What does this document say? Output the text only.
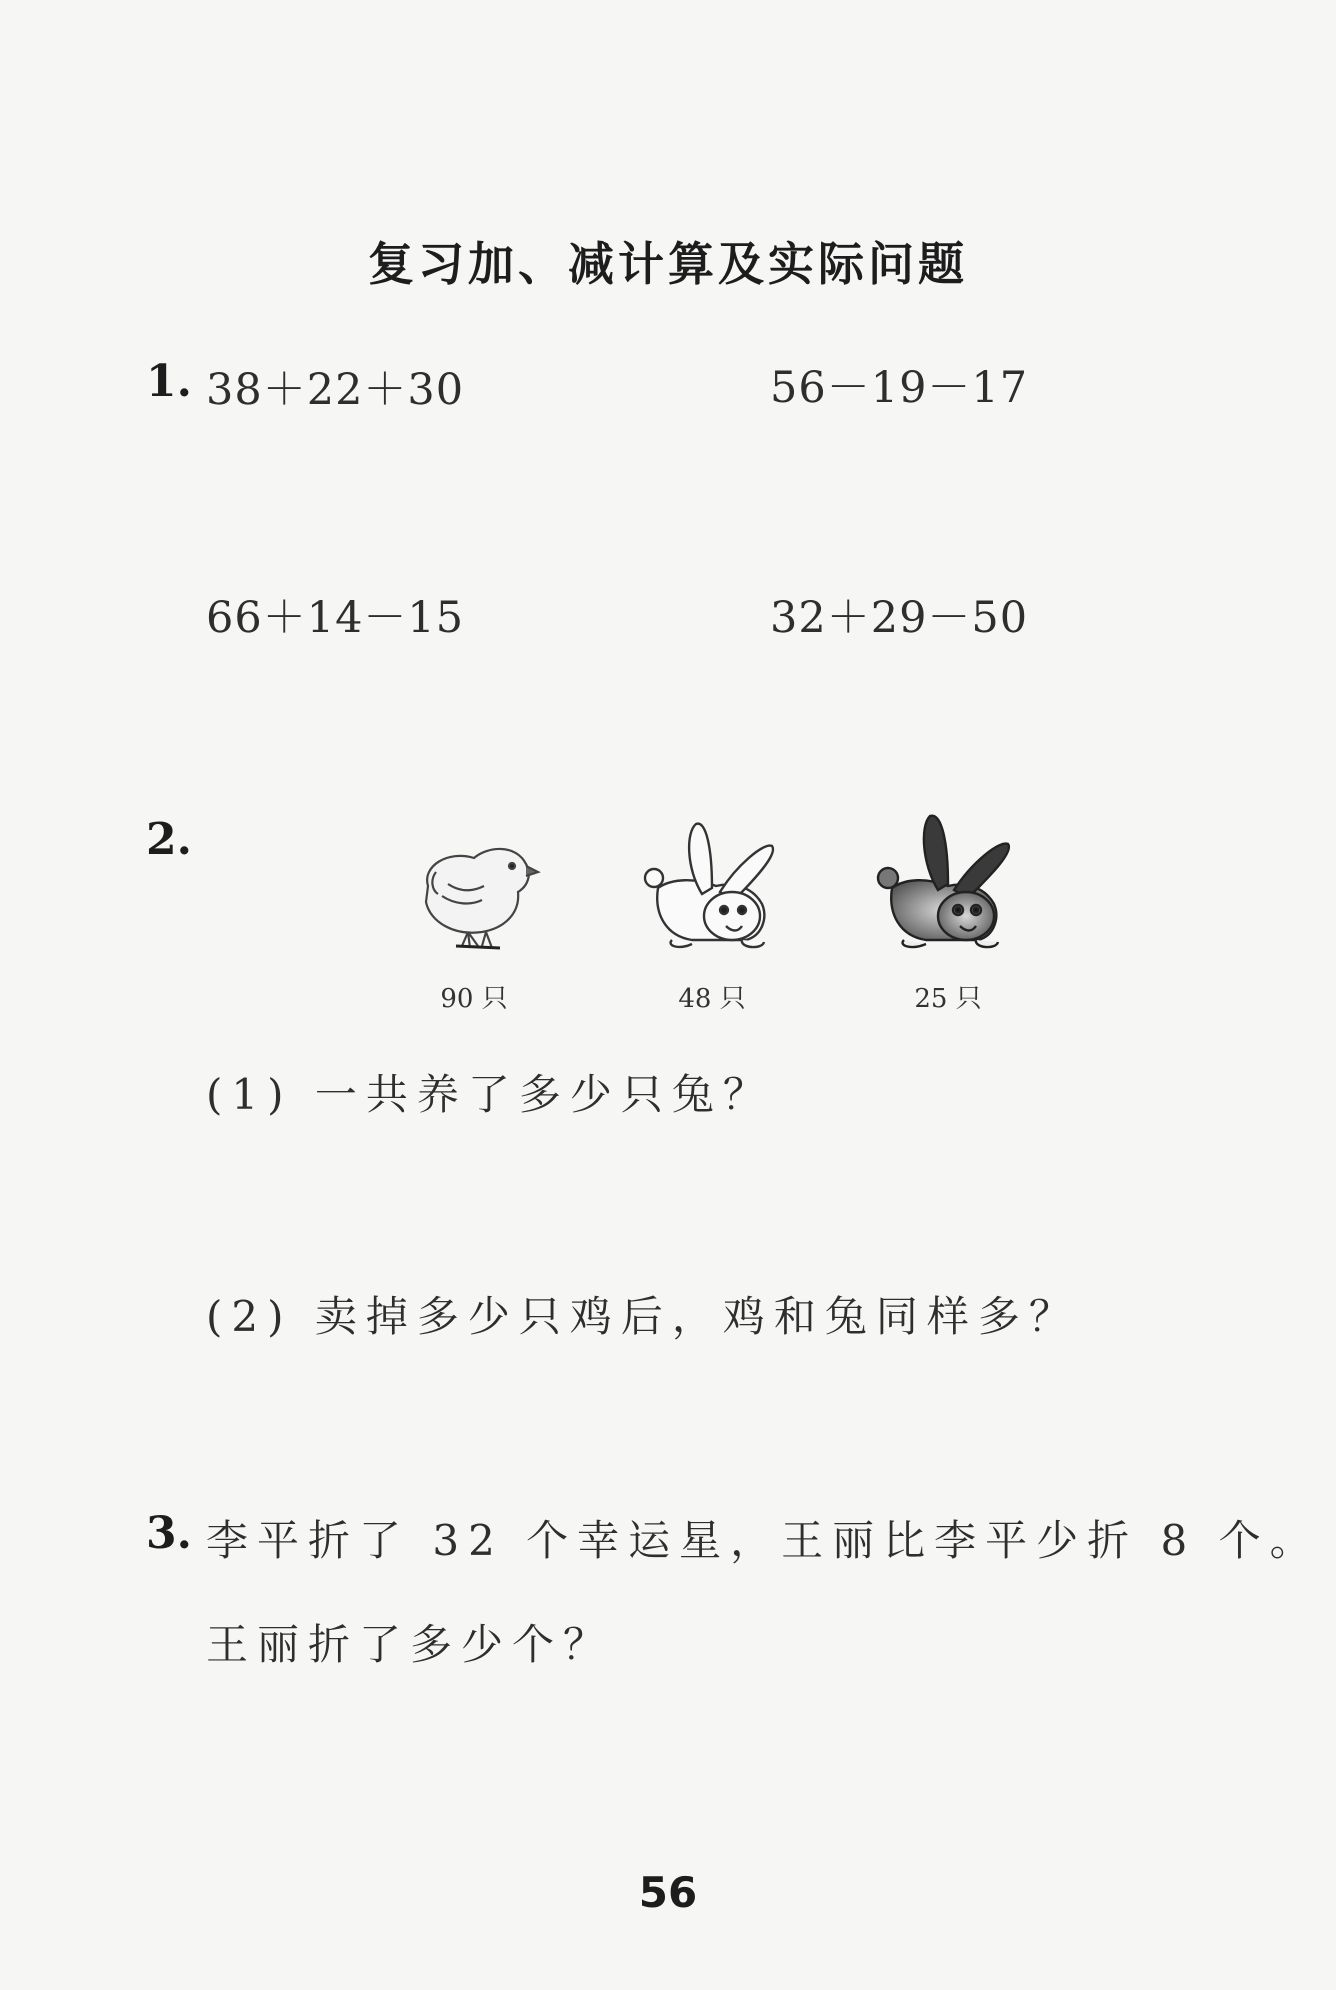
复习加、减计算及实际问题
1. 38＋22＋30	56－19－17
66＋14－15	32＋29－50
2.
90 只	48 只	25 只
(1) 一共养了多少只兔？
(2) 卖掉多少只鸡后，鸡和兔同样多？
3. 李平折了 32 个幸运星，王丽比李平少折 8 个。
王丽折了多少个？
56
